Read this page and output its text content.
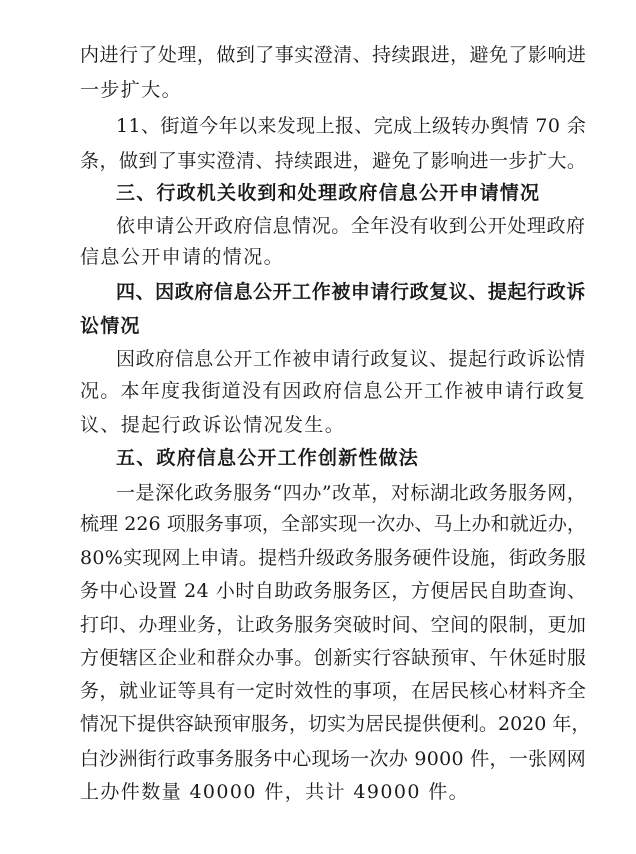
内进行了处理，做到了事实澄清、持续跟进，避免了影响进
一步扩大。
11、街道今年以来发现上报、完成上级转办舆情 70 余
条，做到了事实澄清、持续跟进，避免了影响进一步扩大。
三、行政机关收到和处理政府信息公开申请情况
依申请公开政府信息情况。全年没有收到公开处理政府
信息公开申请的情况。
四、因政府信息公开工作被申请行政复议、提起行政诉
讼情况
因政府信息公开工作被申请行政复议、提起行政诉讼情
况。本年度我街道没有因政府信息公开工作被申请行政复
议、提起行政诉讼情况发生。
五、政府信息公开工作创新性做法
一是深化政务服务“四办”改革，对标湖北政务服务网，
梳理 226 项服务事项，全部实现一次办、马上办和就近办，
80%实现网上申请。提档升级政务服务硬件设施，街政务服
务中心设置 24 小时自助政务服务区，方便居民自助查询、
打印、办理业务，让政务服务突破时间、空间的限制，更加
方便辖区企业和群众办事。创新实行容缺预审、午休延时服
务，就业证等具有一定时效性的事项，在居民核心材料齐全
情况下提供容缺预审服务，切实为居民提供便利。2020 年，
白沙洲街行政事务服务中心现场一次办 9000 件，一张网网
上办件数量 40000 件，共计 49000 件。
